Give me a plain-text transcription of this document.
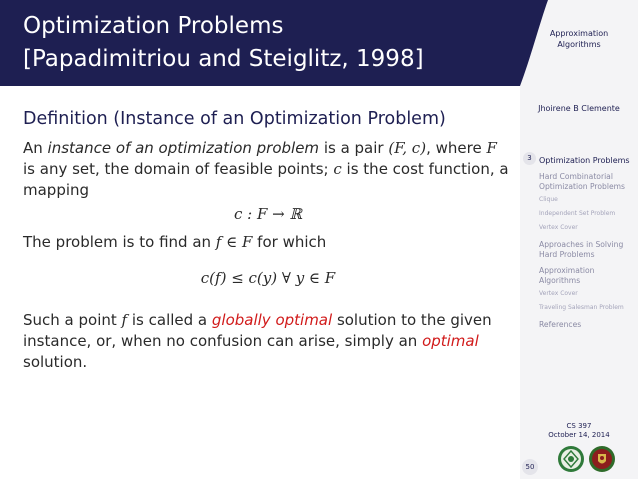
Optimization Problems
[Papadimitriou and Steiglitz, 1998]
Approximation
Algorithms
Jhoirene B Clemente
Optimization Problems
Hard Combinatorial
Optimization Problems
Clique
Independent Set Problem
Vertex Cover
Approaches in Solving
Hard Problems
Approximation
Algorithms
Vertex Cover
Traveling Salesman Problem
References
3
CS 397
October 14, 2014
50
Definition (Instance of an Optimization Problem)
An instance of an optimization problem is a pair (F, c), where F is any set, the domain of feasible points; c is the cost function, a mapping
c : F → ℝ
The problem is to find an f ∈ F for which
c(f) ≤ c(y) ∀ y ∈ F
Such a point f is called a globally optimal solution to the given instance, or, when no confusion can arise, simply an optimal solution.
